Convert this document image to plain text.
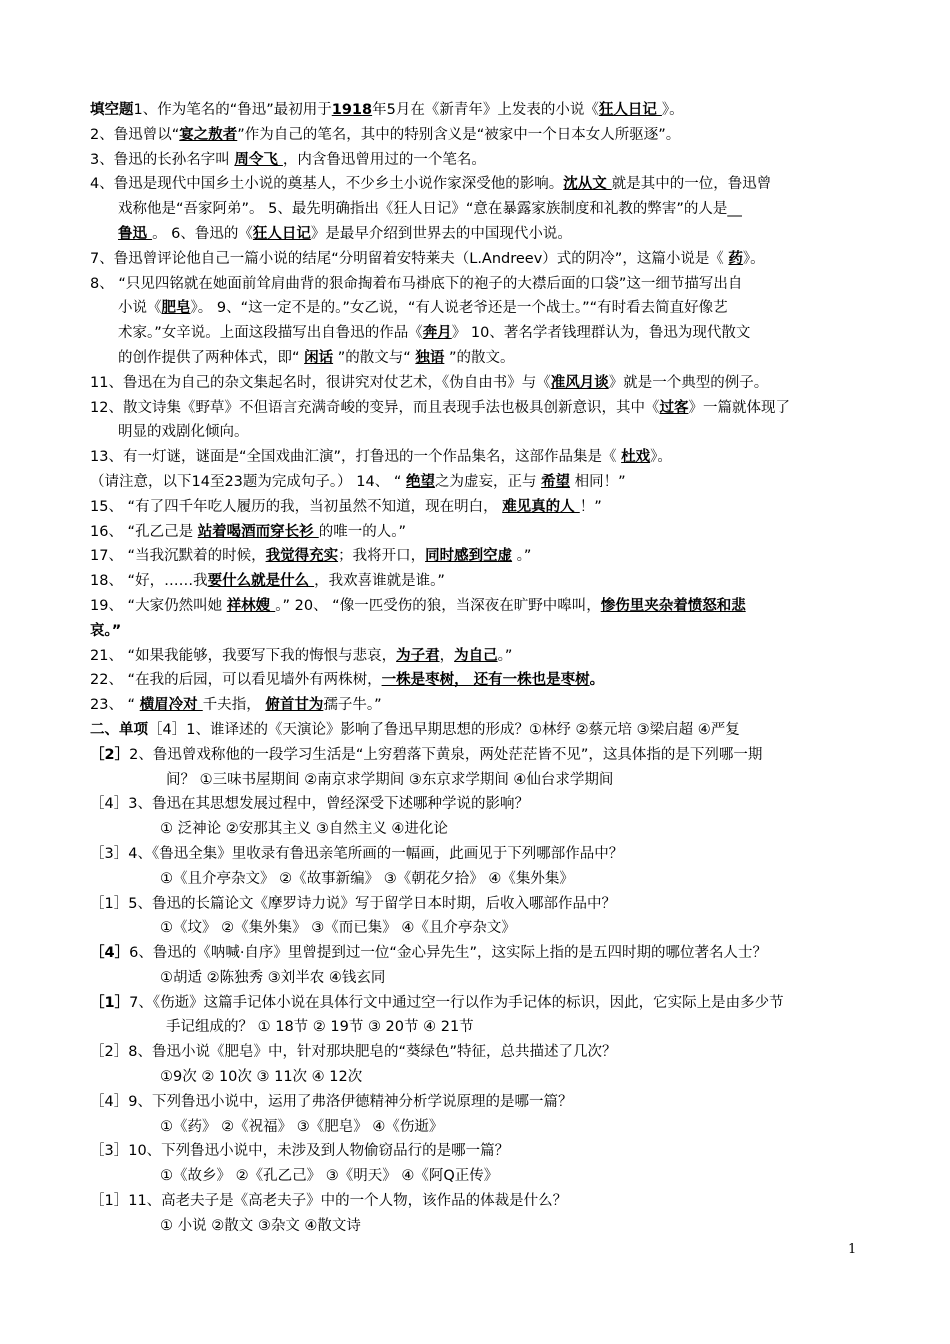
填空题1、作为笔名的“鲁迅”最初用于1918年5月在《新青年》上发表的小说《狂人日记 》。
2、鲁迅曾以“宴之敖者”作为自己的笔名，其中的特别含义是“被家中一个日本女人所驱逐”。
3、鲁迅的长孙名字叫 周令飞 ，内含鲁迅曾用过的一个笔名。
4、鲁迅是现代中国乡土小说的奠基人，不少乡土小说作家深受他的影响。沈从文 就是其中的一位，鲁迅曾
戏称他是“吾家阿弟”。 5、最先明确指出《狂人日记》“意在暴露家族制度和礼教的弊害”的人是__
鲁迅 。 6、鲁迅的《狂人日记》是最早介绍到世界去的中国现代小说。
7、鲁迅曾评论他自己一篇小说的结尾“分明留着安特莱夫（L.Andreev）式的阴冷”，这篇小说是《 药》。
8、 “只见四铭就在她面前耸肩曲背的狠命掏着布马褂底下的袍子的大襟后面的口袋”这一细节描写出自
小说《肥皂》。 9、“这一定不是的。”女乙说，“有人说老爷还是一个战士。”“有时看去简直好像艺
术家。”女辛说。上面这段描写出自鲁迅的作品《奔月》 10、著名学者钱理群认为，鲁迅为现代散文
的创作提供了两种体式，即“ 闲话 ”的散文与“ 独语 ”的散文。
11、鲁迅在为自己的杂文集起名时，很讲究对仗艺术，《伪自由书》与《准风月谈》就是一个典型的例子。
12、散文诗集《野草》不但语言充满奇峻的变异，而且表现手法也极具创新意识，其中《过客》一篇就体现了
明显的戏剧化倾向。
13、有一灯谜，谜面是“全国戏曲汇演”，打鲁迅的一个作品集名，这部作品集是《 杜戏》。
（请注意，以下14至23题为完成句子。） 14、 “ 绝望之为虚妄，正与 希望 相同！”
15、 “有了四千年吃人履历的我，当初虽然不知道，现在明白， 难见真的人 ！”
16、 “孔乙己是 站着喝酒而穿长衫 的唯一的人。”
17、 “当我沉默着的时候，我觉得充实；我将开口，同时感到空虚 。”
18、 “好，……我要什么就是什么 ，我欢喜谁就是谁。”
19、 “大家仍然叫她 祥林嫂 。” 20、 “像一匹受伤的狼，当深夜在旷野中嗥叫，惨伤里夹杂着愤怒和悲
哀。”
21、 “如果我能够，我要写下我的悔恨与悲哀，为子君，为自己。”
22、 “在我的后园，可以看见墙外有两株树，一株是枣树， 还有一株也是枣树。
23、 “ 横眉冷对 千夫指， 俯首甘为孺子牛。”
二、单项［4］1、谁译述的《天演论》影响了鲁迅早期思想的形成？①林纾 ②蔡元培 ③梁启超 ④严复
［2］2、鲁迅曾戏称他的一段学习生活是“上穷碧落下黄泉，两处茫茫皆不见”，这具体指的是下列哪一期
间？ ①三味书屋期间 ②南京求学期间 ③东京求学期间 ④仙台求学期间
［4］3、鲁迅在其思想发展过程中，曾经深受下述哪种学说的影响？
① 泛神论 ②安那其主义 ③自然主义 ④进化论
［3］4、《鲁迅全集》里收录有鲁迅亲笔所画的一幅画，此画见于下列哪部作品中？
①《且介亭杂文》 ②《故事新编》 ③《朝花夕拾》 ④《集外集》
［1］5、鲁迅的长篇论文《摩罗诗力说》写于留学日本时期，后收入哪部作品中？
①《坟》 ②《集外集》 ③《而已集》 ④《且介亭杂文》
［4］6、鲁迅的《呐喊·自序》里曾提到过一位“金心异先生”，这实际上指的是五四时期的哪位著名人士？
①胡适 ②陈独秀 ③刘半农 ④钱玄同
［1］7、《伤逝》这篇手记体小说在具体行文中通过空一行以作为手记体的标识，因此，它实际上是由多少节
手记组成的？ ① 18节 ② 19节 ③ 20节 ④ 21节
［2］8、鲁迅小说《肥皂》中，针对那块肥皂的“葵绿色”特征，总共描述了几次？
①9次 ② 10次 ③ 11次 ④ 12次
［4］9、下列鲁迅小说中，运用了弗洛伊德精神分析学说原理的是哪一篇？
①《药》 ②《祝福》 ③《肥皂》 ④《伤逝》
［3］10、下列鲁迅小说中，未涉及到人物偷窃品行的是哪一篇？
①《故乡》 ②《孔乙己》 ③《明天》 ④《阿Q正传》
［1］11、高老夫子是《高老夫子》中的一个人物，该作品的体裁是什么？
① 小说 ②散文 ③杂文 ④散文诗
1
